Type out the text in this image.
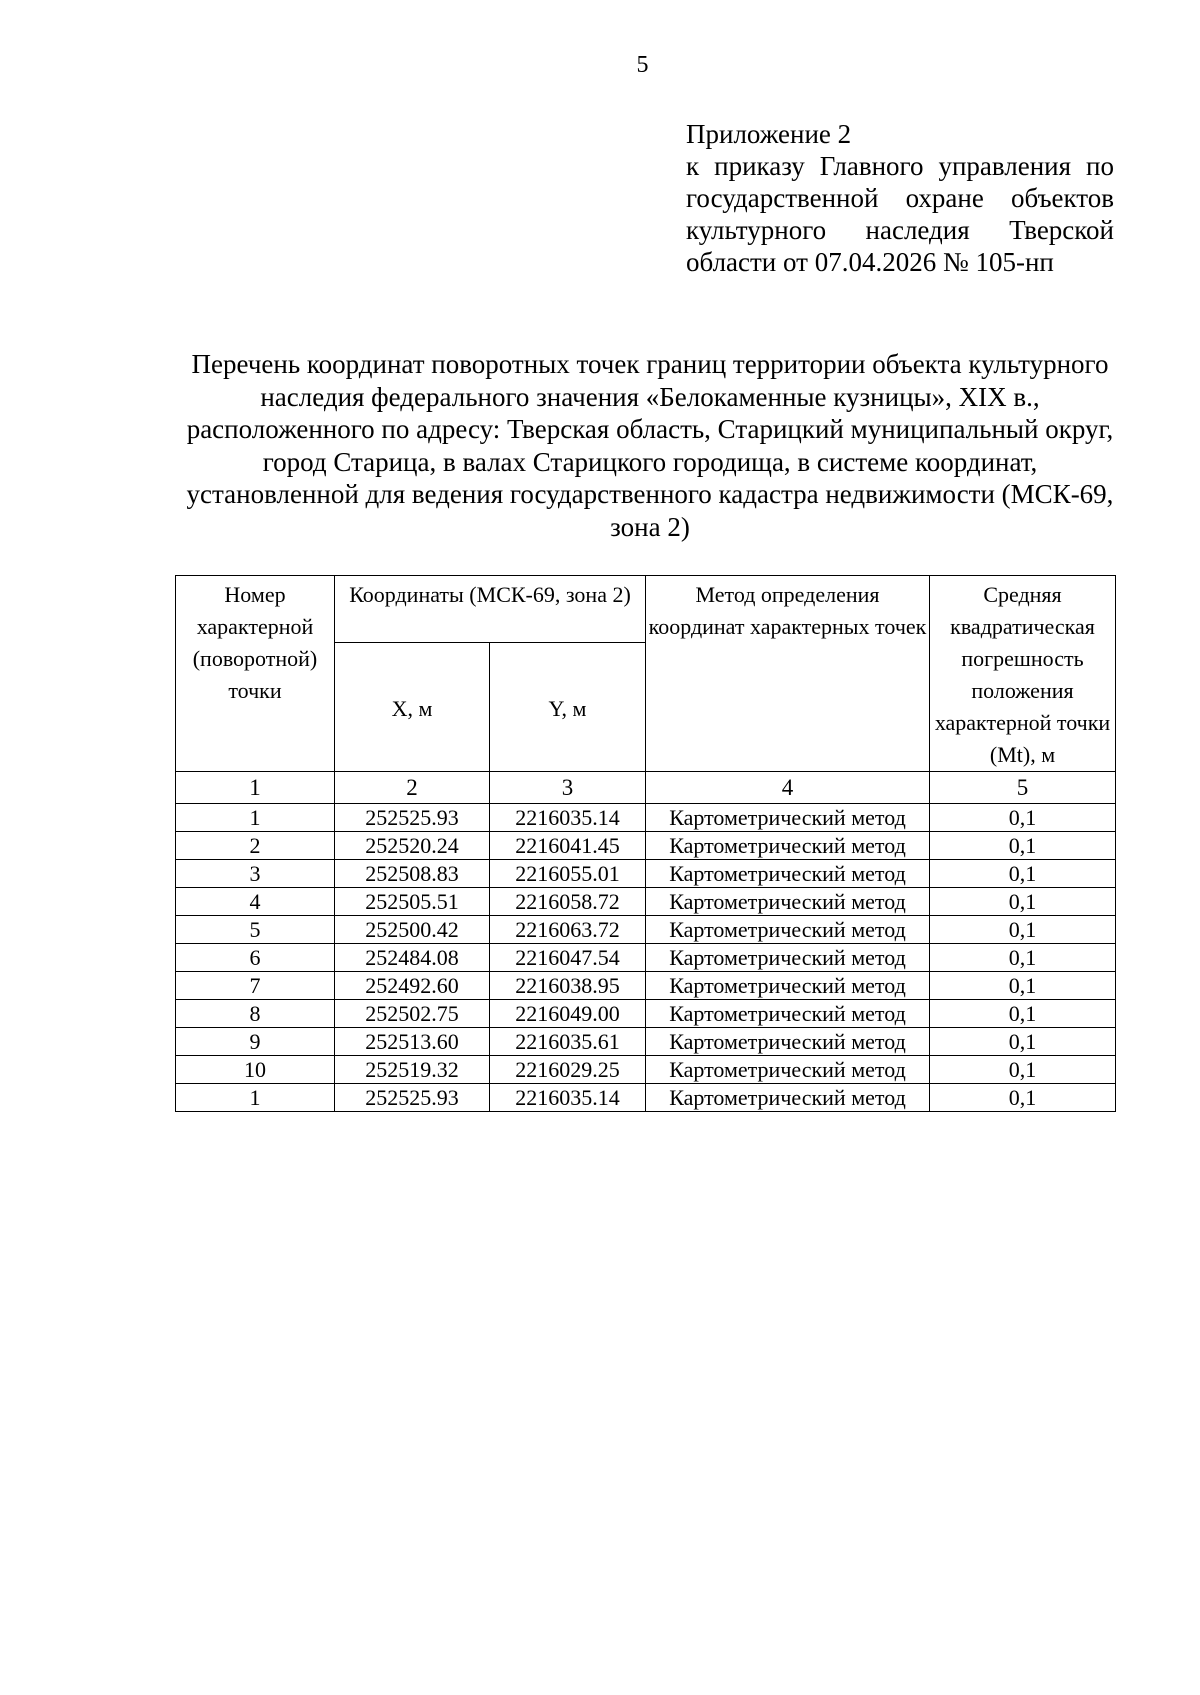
5
Приложение 2
к приказу Главного управления по государственной охране объектов культурного наследия Тверской области от 07.04.2026 № 105-нп
Перечень координат поворотных точек границ территории объекта культурного наследия федерального значения «Белокаменные кузницы», XIX в., расположенного по адресу: Тверская область, Старицкий муниципальный округ, город Старица, в валах Старицкого городища, в системе координат, установленной для ведения государственного кадастра недвижимости (МСК-69, зона 2)
Номер характерной (поворотной) точки	Координаты (МСК-69, зона 2)		Метод определения координат характерных точек	Средняя квадратическая погрешность положения характерной точки (Mt), м
	X, м	Y, м		
1	2	3	4	5
1	252525.93	2216035.14	Картометрический метод	0,1
2	252520.24	2216041.45	Картометрический метод	0,1
3	252508.83	2216055.01	Картометрический метод	0,1
4	252505.51	2216058.72	Картометрический метод	0,1
5	252500.42	2216063.72	Картометрический метод	0,1
6	252484.08	2216047.54	Картометрический метод	0,1
7	252492.60	2216038.95	Картометрический метод	0,1
8	252502.75	2216049.00	Картометрический метод	0,1
9	252513.60	2216035.61	Картометрический метод	0,1
10	252519.32	2216029.25	Картометрический метод	0,1
1	252525.93	2216035.14	Картометрический метод	0,1
